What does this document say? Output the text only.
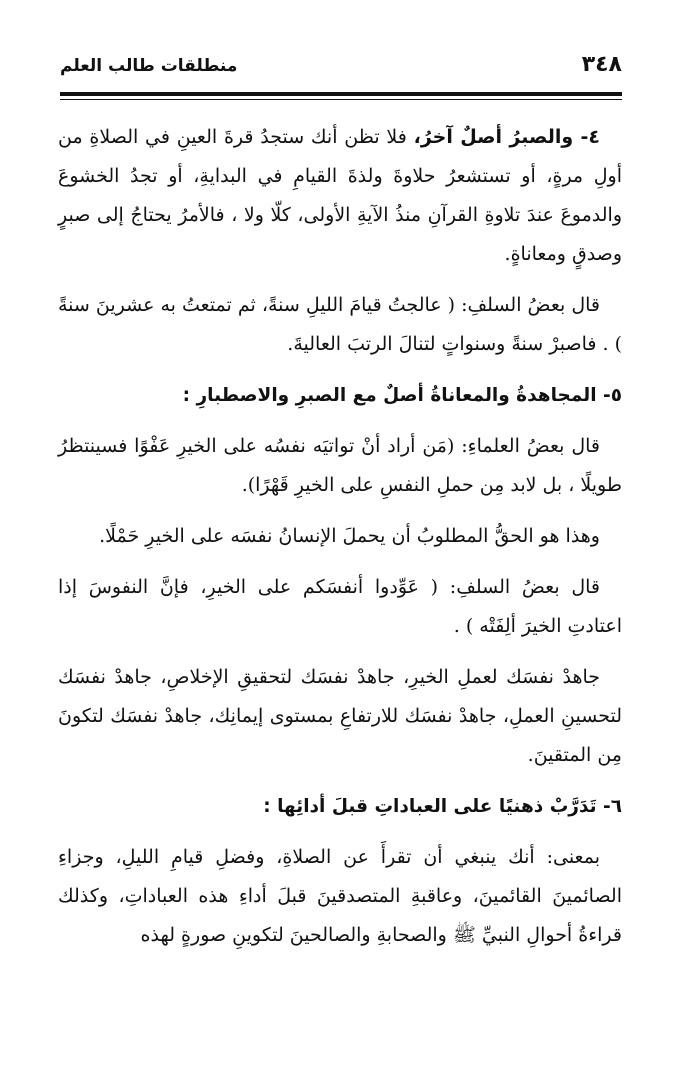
٣٤٨
منطلقات طالب العلم

٤- والصبرُ أصلٌ آخرُ، فلا تظن أنك ستجدُ قرةَ العينِ في الصلاةِ من أولِ مرةٍ، أو تستشعرُ حلاوةَ ولذةَ القيامِ في البدايةِ، أو تجدُ الخشوعَ والدموعَ عندَ تلاوةِ القرآنِ منذُ الآيةِ الأولى، كلّا ولا ، فالأمرُ يحتاجُ إلى صبرٍ وصدقٍ ومعاناةٍ.

قال بعضُ السلفِ: ( عالجتُ قيامَ الليلِ سنةً، ثم تمتعتُ به عشرينَ سنةً ) . فاصبرْ سنةً وسنواتٍ لتنالَ الرتبَ العاليةَ.

٥- المجاهدةُ والمعاناةُ أصلٌ مع الصبرِ والاصطبارِ :

قال بعضُ العلماءِ: (مَن أراد أنْ تواتيَه نفسُه على الخيرِ عَفْوًا فسينتظرُ طويلًا ، بل لابد مِن حملِ النفسِ على الخيرِ قَهْرًا).

وهذا هو الحقُّ المطلوبُ أن يحملَ الإنسانُ نفسَه على الخيرِ حَمْلًا.

قال بعضُ السلفِ: ( عَوِّدوا أنفسَكم على الخيرِ، فإنَّ النفوسَ إذا اعتادتِ الخيرَ ألِفَتْه ) .

جاهدْ نفسَك لعملِ الخيرِ، جاهدْ نفسَك لتحقيقِ الإخلاصِ، جاهدْ نفسَك لتحسينِ العملِ، جاهدْ نفسَك للارتفاعِ بمستوى إيمانِك، جاهدْ نفسَك لتكونَ مِن المتقينَ.

٦- تَدَرَّبْ ذهنيًا على العباداتِ قبلَ أدائِها :

بمعنى: أنك ينبغي أن تقرأَ عن الصلاةِ، وفضلِ قيامِ الليلِ، وجزاءِ الصائمينَ القائمينَ، وعاقبةِ المتصدقينَ قبلَ أداءِ هذه العباداتِ، وكذلك قراءةُ أحوالِ النبيِّ ﷺ والصحابةِ والصالحينَ لتكوينِ صورةٍ لهذه
